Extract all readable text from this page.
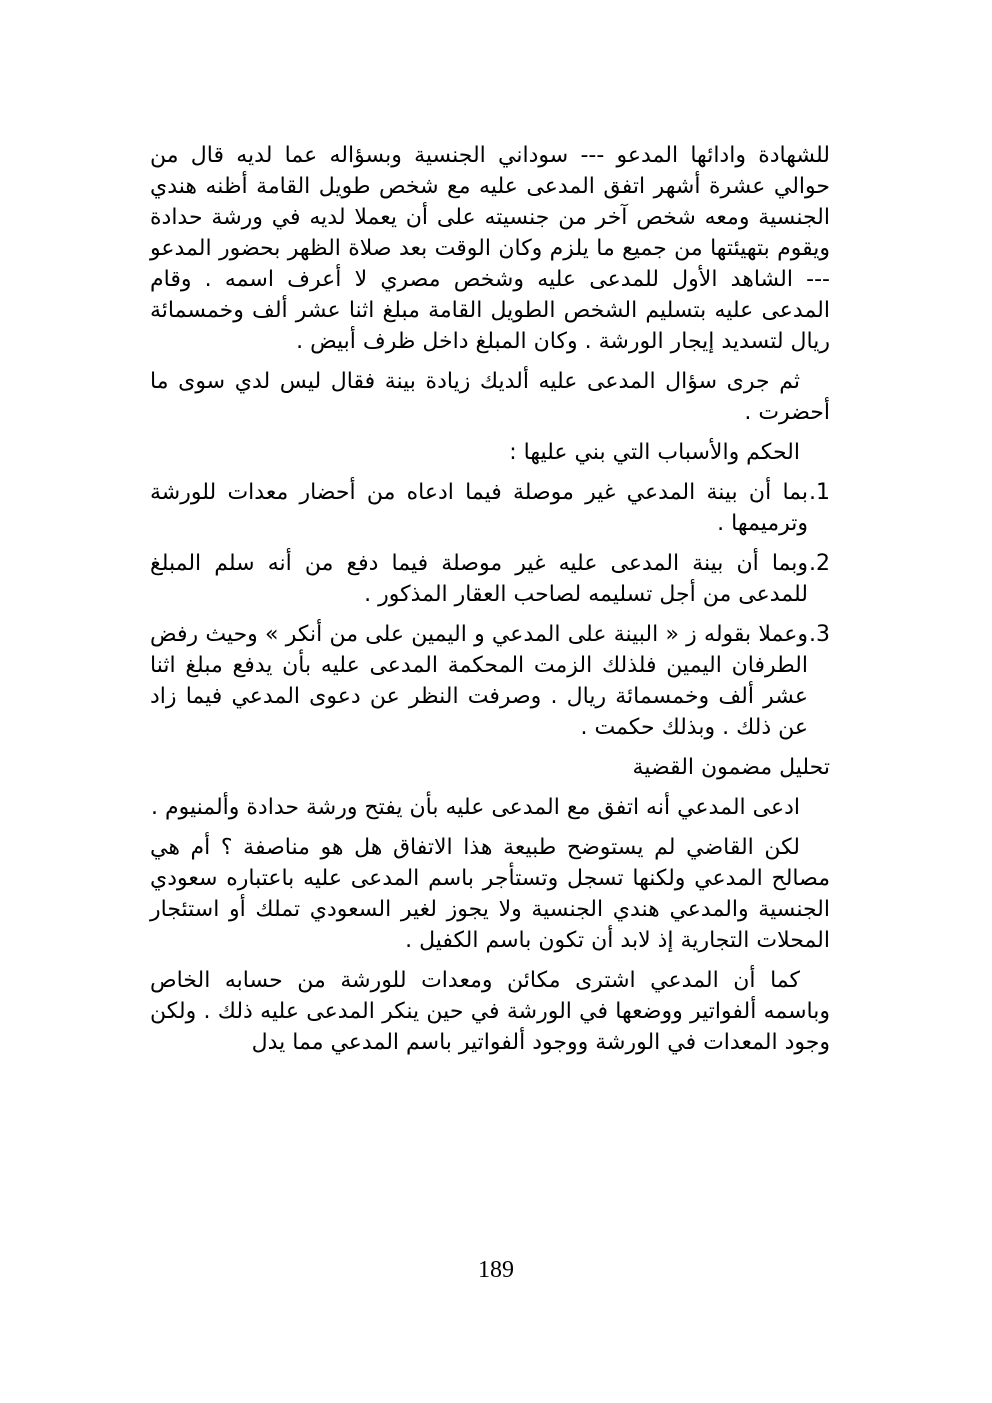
للشهادة وادائها المدعو --- سوداني الجنسية وبسؤاله عما لديه قال من حوالي عشرة أشهر اتفق المدعى عليه مع شخص طويل القامة أظنه هندي الجنسية ومعه شخص آخر من جنسيته على أن يعملا لديه في ورشة حدادة ويقوم بتهيئتها من جميع ما يلزم وكان الوقت بعد صلاة الظهر بحضور المدعو --- الشاهد الأول للمدعى عليه وشخص مصري لا أعرف اسمه . وقام المدعى عليه بتسليم الشخص الطويل القامة مبلغ اثنا عشر ألف وخمسمائة ريال لتسديد إيجار الورشة . وكان المبلغ داخل ظرف أبيض .

ثم جرى سؤال المدعى عليه ألديك زيادة بينة فقال ليس لدي سوى ما أحضرت .

الحكم والأسباب التي بني عليها :

1.
بما أن بينة المدعي غير موصلة فيما ادعاه من أحضار معدات للورشة وترميمها .
2.
وبما أن بينة المدعى عليه غير موصلة فيما دفع من أنه سلم المبلغ للمدعى من أجل تسليمه لصاحب العقار المذكور .
3.
وعملا بقوله ز « البينة على المدعي و اليمين على من أنكر » وحيث رفض الطرفان اليمين فلذلك الزمت المحكمة المدعى عليه بأن يدفع مبلغ اثنا عشر ألف وخمسمائة ريال . وصرفت النظر عن دعوى المدعي فيما زاد عن ذلك . وبذلك حكمت .

تحليل مضمون القضية

ادعى المدعي أنه اتفق مع المدعى عليه بأن يفتح ورشة حدادة وألمنيوم .

لكن القاضي لم يستوضح طبيعة هذا الاتفاق هل هو مناصفة ؟ أم هي مصالح المدعي ولكنها تسجل وتستأجر باسم المدعى عليه باعتباره سعودي الجنسية والمدعي هندي الجنسية ولا يجوز لغير السعودي تملك أو استئجار المحلات التجارية إذ لابد أن تكون باسم الكفيل .

كما أن المدعي اشترى مكائن ومعدات للورشة من حسابه الخاص وباسمه ألفواتير ووضعها في الورشة في حين ينكر المدعى عليه ذلك . ولكن وجود المعدات في الورشة ووجود ألفواتير باسم المدعي مما يدل

189
